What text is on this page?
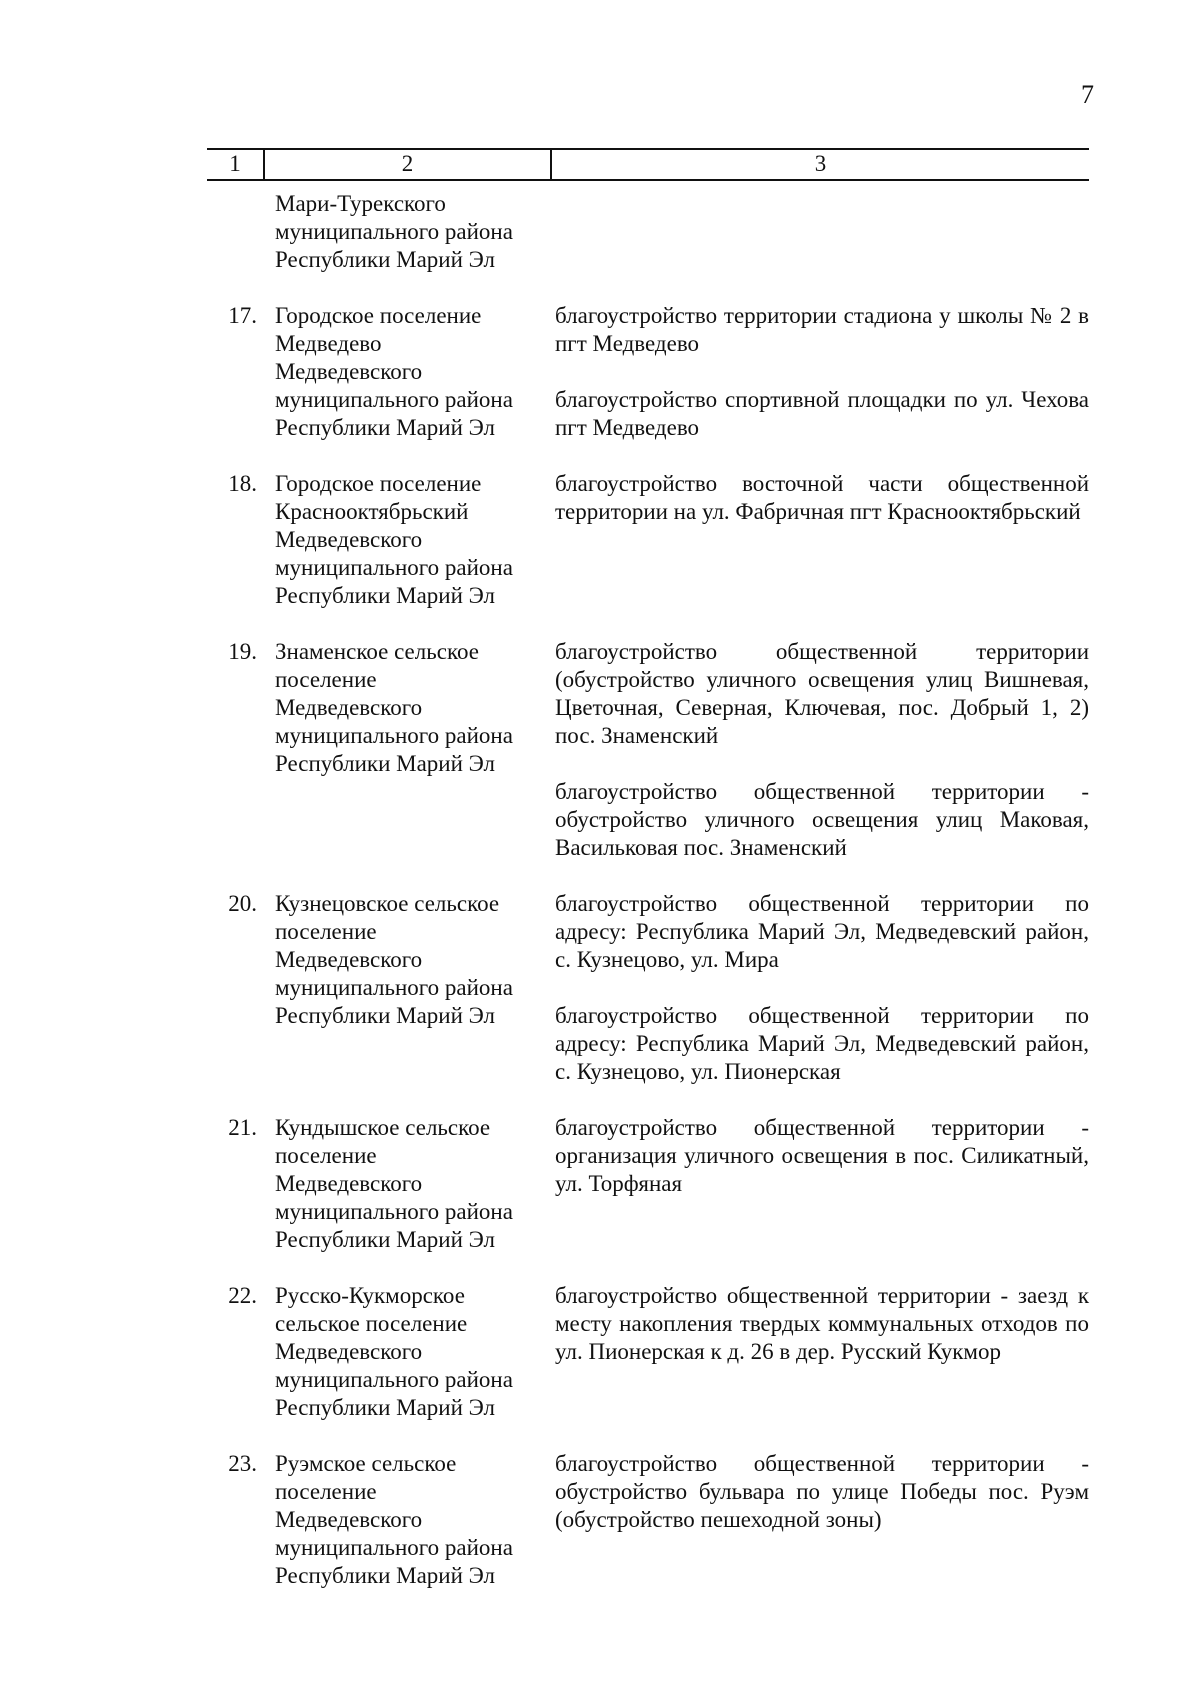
7
1	2	3
Мари-Турекского
муниципального района
Республики Марий Эл
17. Городское поселение
Медведево
Медведевского
муниципального района
Республики Марий Эл
благоустройство территории стадиона у школы № 2 в пгт Медведево
благоустройство спортивной площадки по ул. Чехова пгт Медведево
18. Городское поселение
Краснооктябрьский
Медведевского
муниципального района
Республики Марий Эл
благоустройство восточной части общественной территории на ул. Фабричная пгт Краснооктябрьский
19. Знаменское сельское
поселение
Медведевского
муниципального района
Республики Марий Эл
благоустройство общественной территории (обустройство уличного освещения улиц Вишневая, Цветочная, Северная, Ключевая, пос. Добрый 1, 2) пос. Знаменский
благоустройство общественной территории - обустройство уличного освещения улиц Маковая, Васильковая пос. Знаменский
20. Кузнецовское сельское
поселение
Медведевского
муниципального района
Республики Марий Эл
благоустройство общественной территории по адресу: Республика Марий Эл, Медведевский район, с. Кузнецово, ул. Мира
благоустройство общественной территории по адресу: Республика Марий Эл, Медведевский район, с. Кузнецово, ул. Пионерская
21. Кундышское сельское
поселение
Медведевского
муниципального района
Республики Марий Эл
благоустройство общественной территории - организация уличного освещения в пос. Силикатный, ул. Торфяная
22. Русско-Кукморское
сельское поселение
Медведевского
муниципального района
Республики Марий Эл
благоустройство общественной территории - заезд к месту накопления твердых коммунальных отходов по ул. Пионерская к д. 26 в дер. Русский Кукмор
23. Руэмское сельское
поселение
Медведевского
муниципального района
Республики Марий Эл
благоустройство общественной территории - обустройство бульвара по улице Победы пос. Руэм (обустройство пешеходной зоны)
